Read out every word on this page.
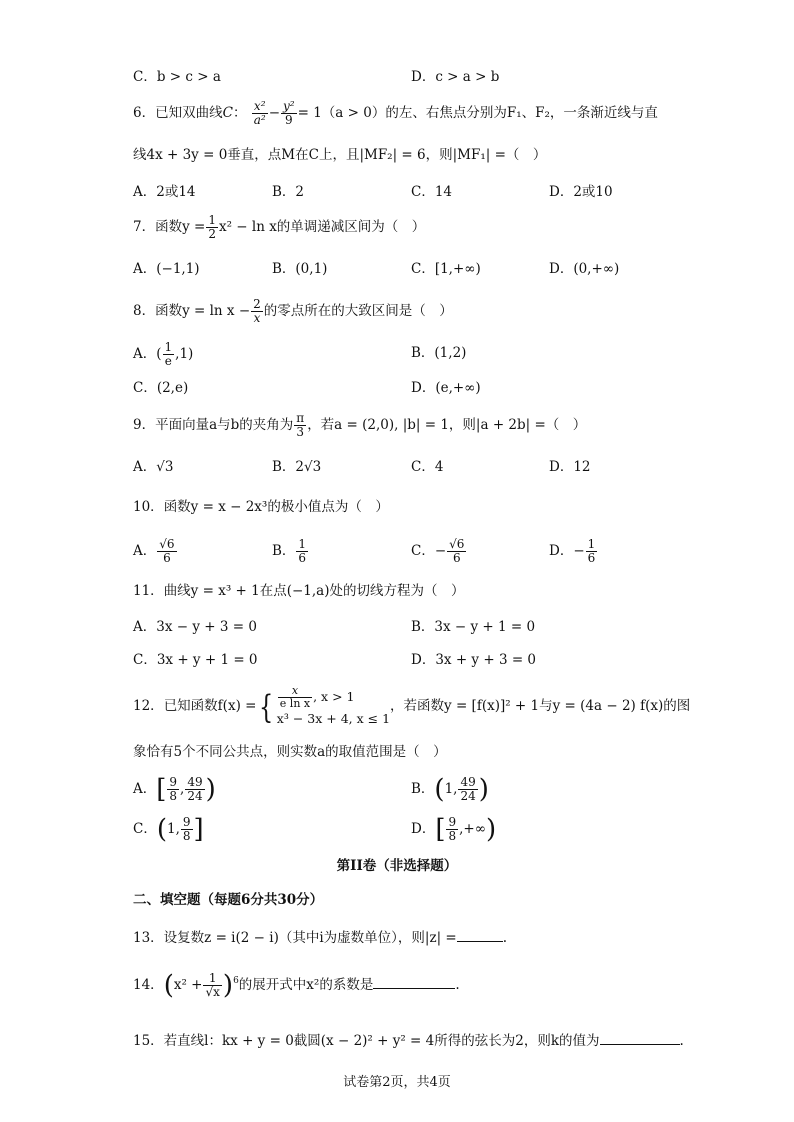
C．b > c > a	D．c > a > b
6．已知双曲线C： $\frac{\text{x²}}{\text{a²}} - \frac{\text{y²}}{9} = 1(a > 0)$的左、右焦点分别为F₁、F₂，一条渐近线与直
线4x + 3y = 0垂直，点M在C上，且|MF₂| = 6，则|MF₁| =（　）
A．2或14	B．2	C．14	D．2或10
7．函数$y = \frac{1}{2} x^2 - \ln x$的单调递减区间为（　）
A．(−1,1)	B．(0,1)	C．[1,+∞)	D．(0,+∞)
8．函数$y = \ln x - \frac{2}{x}$ 的零点所在的大致区间是（　）
A．( $\frac{1}{e} ,1$)	B．(1,2)
C．(2,e)	D．(e,+∞)
9．平面向量a与b的夹角为 $\frac{\pi}{3}$ ，若a = (2,0), |b| = 1，则|a + 2b| =（　）
A．√3	B．2√3	C．4	D．12
10．函数y = x − 2x³的极小值点为（　）
A． $\frac{√6}{6}$	B． $\frac{1}{6}$	C．− $\frac{√6}{6}$	D．− $\frac{1}{6}$
11．曲线y = x³ + 1在点(−1,a)处的切线方程为（　）
A．3x − y + 3 = 0	B．3x − y + 1 = 0
C．3x + y + 1 = 0	D．3x + y + 3 = 0
12．已知函数f(x) ={ $\frac{x}{\text{e ln x}}$ , x > 1
x³ − 3x + 4, x ≤ 1
，若函数y = [f(x)]² + 1与y = (4a − 2) f(x)的图
象恰有5个不同公共点，则实数a的取值范围是（　）
A．[ $\frac{9}{8}$ , $\frac{49}{24}$ )	B．(1, $\frac{49}{24}$ )
C．(1, $\frac{9}{8}$ ]	D．[ $\frac{9}{8}$ ,+∞)
第II卷（非选择题）
二、填空题（每题6分共30分）
13．设复数z = i(2 − i)（其中i为虚数单位），则|z| =	.
14．$(x^2 + \frac{1}{√x} )^6$的展开式中x²的系数是	.
15．若直线l：kx + y = 0截圆(x − 2)² + y² = 4所得的弦长为2，则k的值为	.
试卷第2页，共4页
